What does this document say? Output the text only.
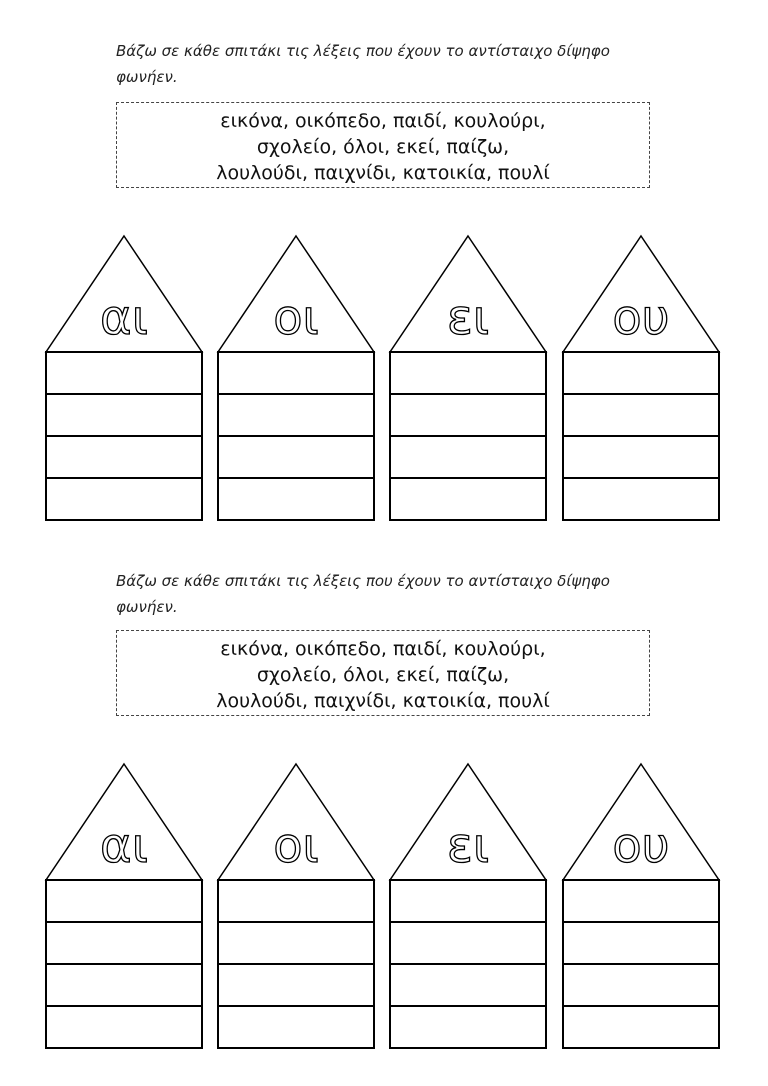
Βάζω σε κάθε σπιτάκι τις λέξεις που έχουν το αντίσταιχο δίψηφο φωνήεν.
εικόνα, οικόπεδο, παιδί, κουλούρι,
σχολείο, όλοι, εκεί, παίζω,
λουλούδι, παιχνίδι, κατοικία, πουλί
αι	οι	ει	ου
Βάζω σε κάθε σπιτάκι τις λέξεις που έχουν το αντίσταιχο δίψηφο φωνήεν.
εικόνα, οικόπεδο, παιδί, κουλούρι,
σχολείο, όλοι, εκεί, παίζω,
λουλούδι, παιχνίδι, κατοικία, πουλί
αι	οι	ει	ου
